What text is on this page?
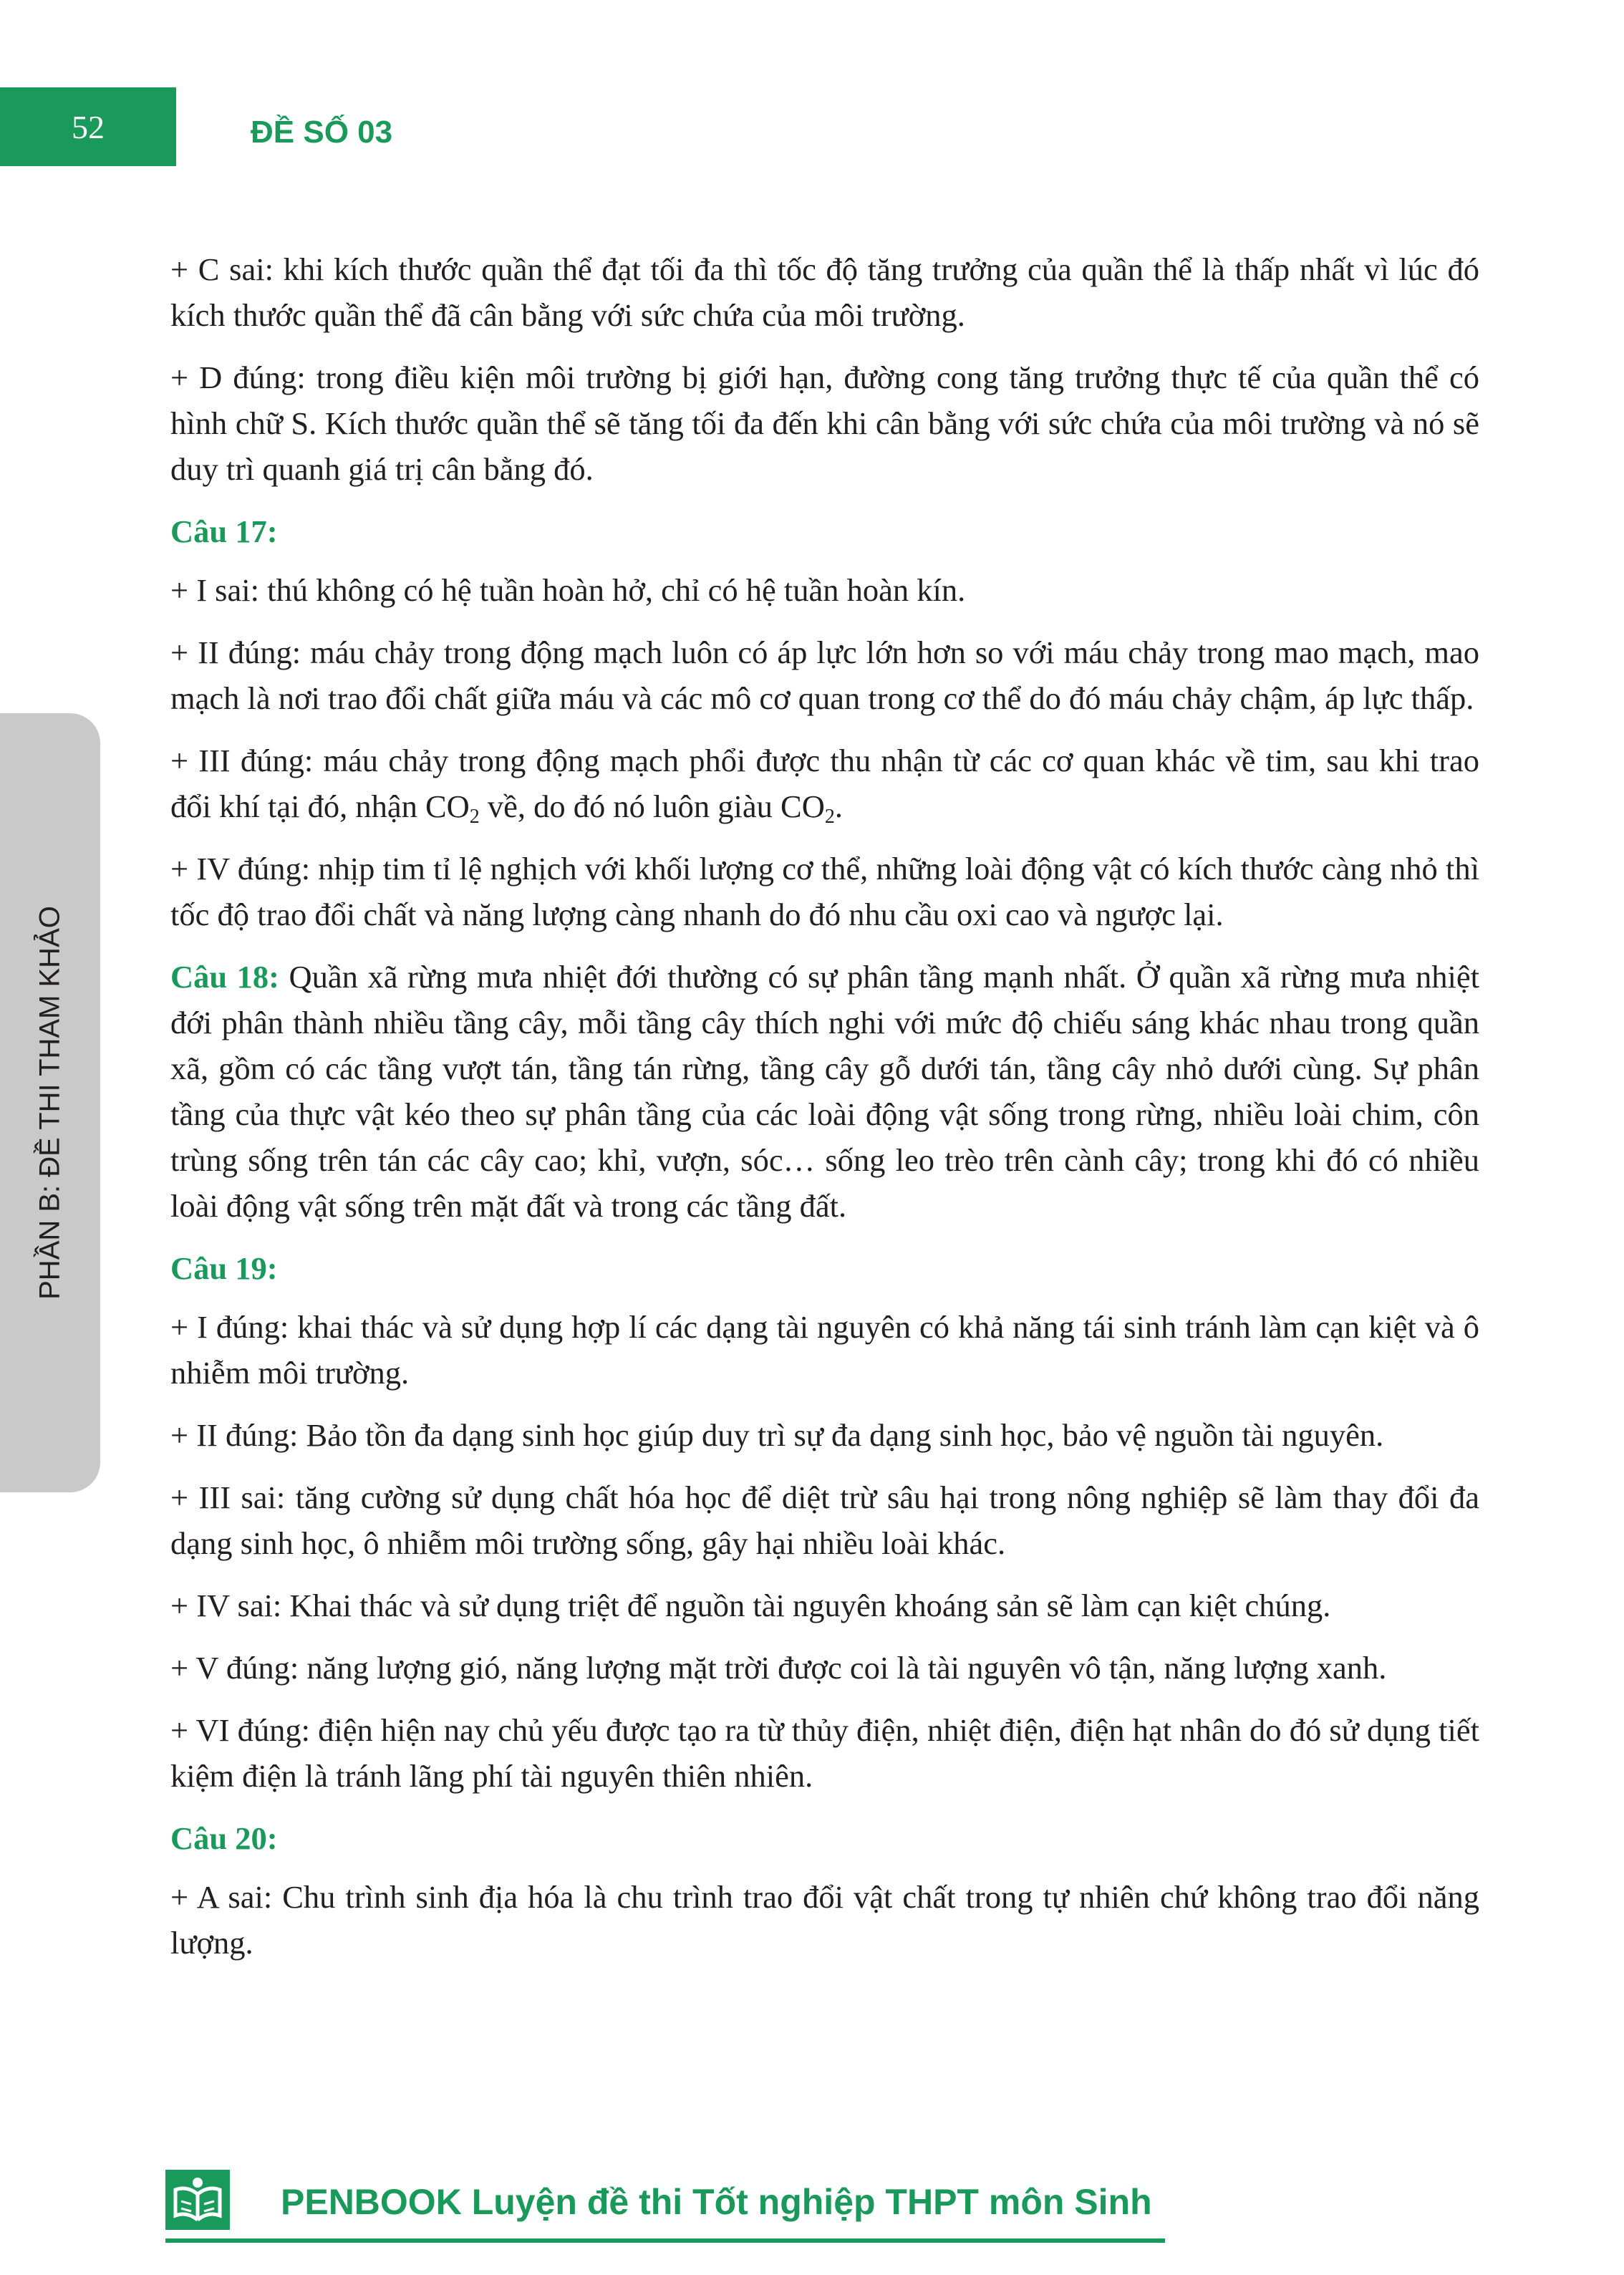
52	ĐỀ SỐ 03
PHẦN B: ĐỀ THI THAM KHẢO

+ C sai: khi kích thước quần thể đạt tối đa thì tốc độ tăng trưởng của quần thể là thấp nhất vì lúc đó kích thước quần thể đã cân bằng với sức chứa của môi trường.

+ D đúng: trong điều kiện môi trường bị giới hạn, đường cong tăng trưởng thực tế của quần thể có hình chữ S. Kích thước quần thể sẽ tăng tối đa đến khi cân bằng với sức chứa của môi trường và nó sẽ duy trì quanh giá trị cân bằng đó.

Câu 17:

+ I sai: thú không có hệ tuần hoàn hở, chỉ có hệ tuần hoàn kín.

+ II đúng: máu chảy trong động mạch luôn có áp lực lớn hơn so với máu chảy trong mao mạch, mao mạch là nơi trao đổi chất giữa máu và các mô cơ quan trong cơ thể do đó máu chảy chậm, áp lực thấp.

+ III đúng: máu chảy trong động mạch phổi được thu nhận từ các cơ quan khác về tim, sau khi trao đổi khí tại đó, nhận $CO_2$ về, do đó nó luôn giàu $CO_2$.

+ IV đúng: nhịp tim tỉ lệ nghịch với khối lượng cơ thể, những loài động vật có kích thước càng nhỏ thì tốc độ trao đổi chất và năng lượng càng nhanh do đó nhu cầu oxi cao và ngược lại.

Câu 18: Quần xã rừng mưa nhiệt đới thường có sự phân tầng mạnh nhất. Ở quần xã rừng mưa nhiệt đới phân thành nhiều tầng cây, mỗi tầng cây thích nghi với mức độ chiếu sáng khác nhau trong quần xã, gồm có các tầng vượt tán, tầng tán rừng, tầng cây gỗ dưới tán, tầng cây nhỏ dưới cùng. Sự phân tầng của thực vật kéo theo sự phân tầng của các loài động vật sống trong rừng, nhiều loài chim, côn trùng sống trên tán các cây cao; khỉ, vượn, sóc… sống leo trèo trên cành cây; trong khi đó có nhiều loài động vật sống trên mặt đất và trong các tầng đất.

Câu 19:

+ I đúng: khai thác và sử dụng hợp lí các dạng tài nguyên có khả năng tái sinh tránh làm cạn kiệt và ô nhiễm môi trường.

+ II đúng: Bảo tồn đa dạng sinh học giúp duy trì sự đa dạng sinh học, bảo vệ nguồn tài nguyên.

+ III sai: tăng cường sử dụng chất hóa học để diệt trừ sâu hại trong nông nghiệp sẽ làm thay đổi đa dạng sinh học, ô nhiễm môi trường sống, gây hại nhiều loài khác.

+ IV sai: Khai thác và sử dụng triệt để nguồn tài nguyên khoáng sản sẽ làm cạn kiệt chúng.

+ V đúng: năng lượng gió, năng lượng mặt trời được coi là tài nguyên vô tận, năng lượng xanh.

+ VI đúng: điện hiện nay chủ yếu được tạo ra từ thủy điện, nhiệt điện, điện hạt nhân do đó sử dụng tiết kiệm điện là tránh lãng phí tài nguyên thiên nhiên.

Câu 20:

+ A sai: Chu trình sinh địa hóa là chu trình trao đổi vật chất trong tự nhiên chứ không trao đổi năng lượng.

PENBOOK Luyện đề thi Tốt nghiệp THPT môn Sinh
